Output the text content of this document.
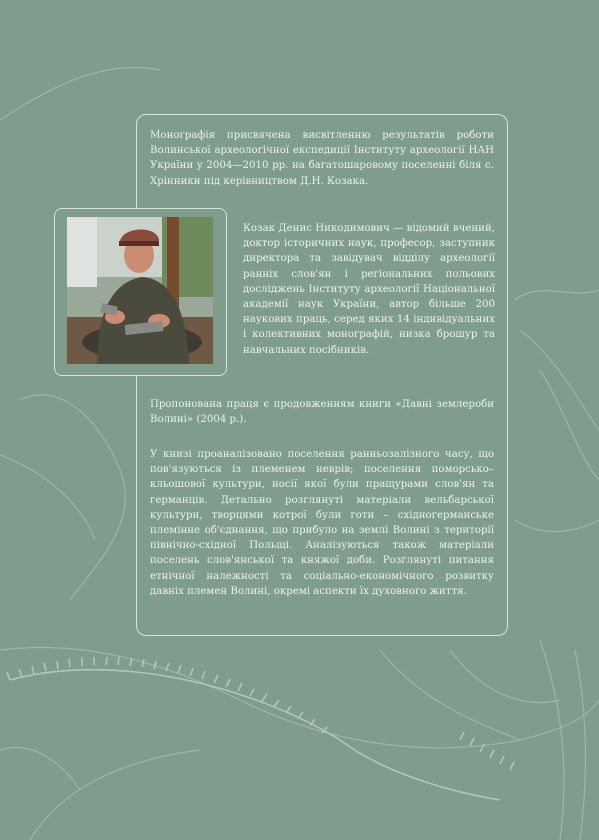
Монографія присвячена висвітленню результатів роботи Волинської археологічної експедиції Інституту археології НАН України у 2004—2010 рр. на багатошаровому поселенні біля с. Хрінники під керівництвом Д.Н. Козака.

Козак Денис Никодимович — відомий вчений, доктор історичних наук, професор, заступник директора та завідувач відділу археології ранніх слов'ян і регіональних польових досліджень Інституту археології Національної академії наук України, автор більше 200 наукових праць, серед яких 14 індивідуальних і колективних монографій, низка брошур та навчальних посібників.

Пропонована праця є продовженням книги «Давні землероби Волині» (2004 р.).

У книзі проаналізовано поселення ранньозалізного часу, що пов'язуються із племенем неврів; поселення поморсько–кльошової культури, носії якої були пращурами слов'ян та германців. Детально розглянуті матеріали вельбарської культури, творцями котрої були готи – східногерманське племінне об'єднання, що прибуло на землі Волині з території північно-східної Польщі. Аналізуються також матеріали поселень слов'янської та княжої доби. Розглянуті питання етнічної належності та соціально-економічного розвитку давніх племен Волині, окремі аспекти їх духовного життя.
